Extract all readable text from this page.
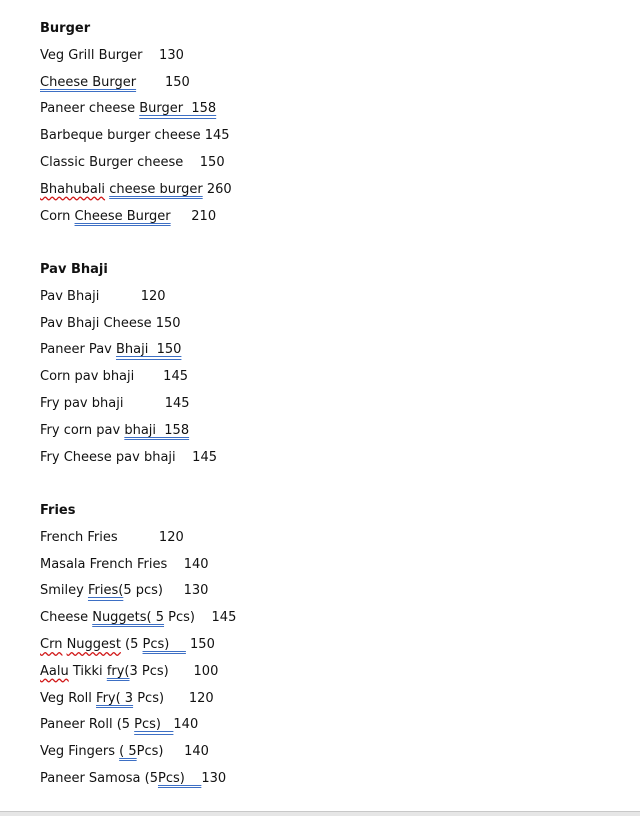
Burger
Veg Grill Burger    130
Cheese Burger       150
Paneer cheese Burger  158
Barbeque burger cheese 145
Classic Burger cheese    150
Bhahubali cheese burger 260
Corn Cheese Burger     210
Pav Bhaji
Pav Bhaji          120
Pav Bhaji Cheese 150
Paneer Pav Bhaji  150
Corn pav bhaji       145
Fry pav bhaji          145
Fry corn pav bhaji  158
Fry Cheese pav bhaji    145
Fries
French Fries          120
Masala French Fries    140
Smiley Fries(5 pcs)     130
Cheese Nuggets( 5 Pcs)    145
Crn Nuggest (5 Pcs)     150
Aalu Tikki fry(3 Pcs)      100
Veg Roll Fry( 3 Pcs)      120
Paneer Roll (5 Pcs)   140
Veg Fingers ( 5Pcs)     140
Paneer Samosa (5Pcs)    130
